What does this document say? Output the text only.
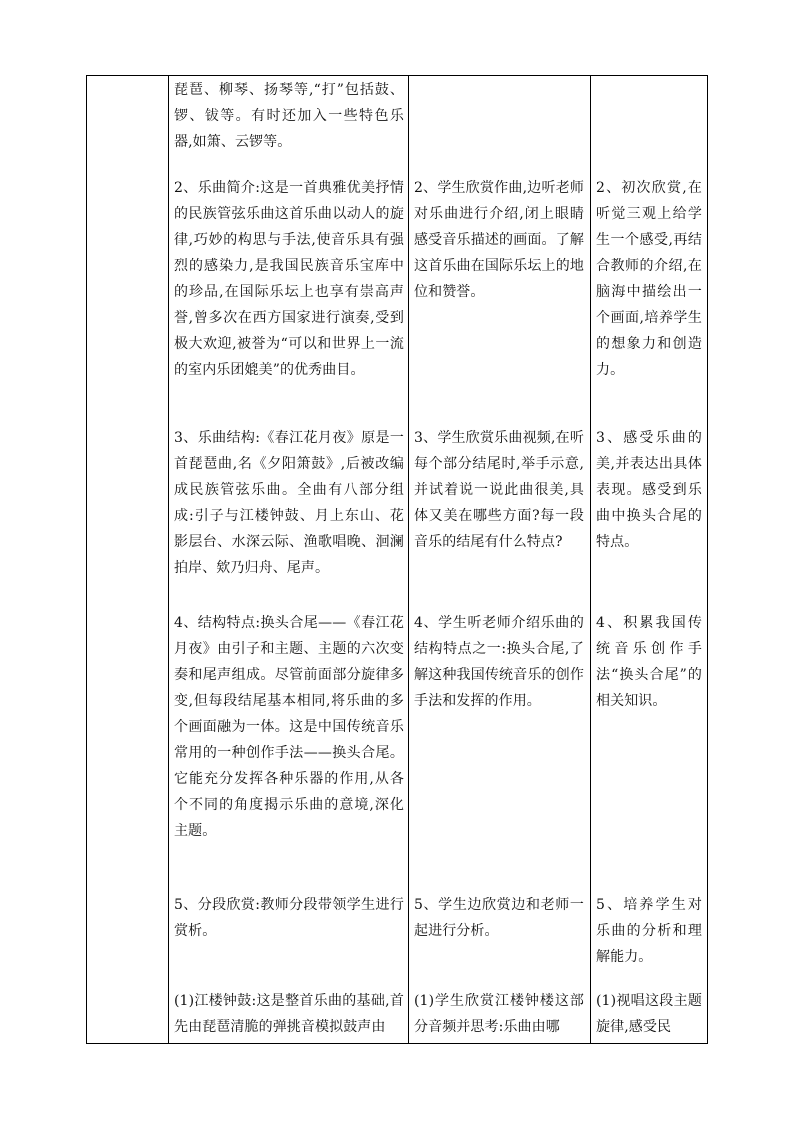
琵琶、柳琴、扬琴等,“打”包括鼓、锣、钹等。有时还加入一些特色乐器,如箫、云锣等。

2、乐曲简介:这是一首典雅优美抒情的民族管弦乐曲这首乐曲以动人的旋律,巧妙的构思与手法,使音乐具有强烈的感染力,是我国民族音乐宝库中的珍品,在国际乐坛上也享有崇高声誉,曾多次在西方国家进行演奏,受到极大欢迎,被誉为“可以和世界上一流的室内乐团媲美”的优秀曲目。

3、乐曲结构:《春江花月夜》原是一首琵琶曲,名《夕阳箫鼓》,后被改编成民族管弦乐曲。全曲有八部分组成:引子与江楼钟鼓、月上东山、花影层台、水深云际、渔歌唱晚、洄澜拍岸、欸乃归舟、尾声。

4、结构特点:换头合尾——《春江花月夜》由引子和主题、主题的六次变奏和尾声组成。尽管前面部分旋律多变,但每段结尾基本相同,将乐曲的多个画面融为一体。这是中国传统音乐常用的一种创作手法——换头合尾。它能充分发挥各种乐器的作用,从各个不同的角度揭示乐曲的意境,深化主题。

5、分段欣赏:教师分段带领学生进行赏析。

(1)江楼钟鼓:这是整首乐曲的基础,首先由琵琶清脆的弹挑音模拟鼓声由

2、学生欣赏作曲,边听老师对乐曲进行介绍,闭上眼睛感受音乐描述的画面。了解这首乐曲在国际乐坛上的地位和赞誉。

3、学生欣赏乐曲视频,在听每个部分结尾时,举手示意,并试着说一说此曲很美,具体又美在哪些方面?每一段音乐的结尾有什么特点?

4、学生听老师介绍乐曲的结构特点之一:换头合尾,了解这种我国传统音乐的创作手法和发挥的作用。

5、学生边欣赏边和老师一起进行分析。

(1)学生欣赏江楼钟楼这部分音频并思考:乐曲由哪

2、初次欣赏,在听觉三观上给学生一个感受,再结合教师的介绍,在脑海中描绘出一个画面,培养学生的想象力和创造力。

3、感受乐曲的美,并表达出具体表现。感受到乐曲中换头合尾的特点。

4、积累我国传统音乐创作手法“换头合尾”的相关知识。

5、培养学生对乐曲的分析和理解能力。

(1)视唱这段主题旋律,感受民
